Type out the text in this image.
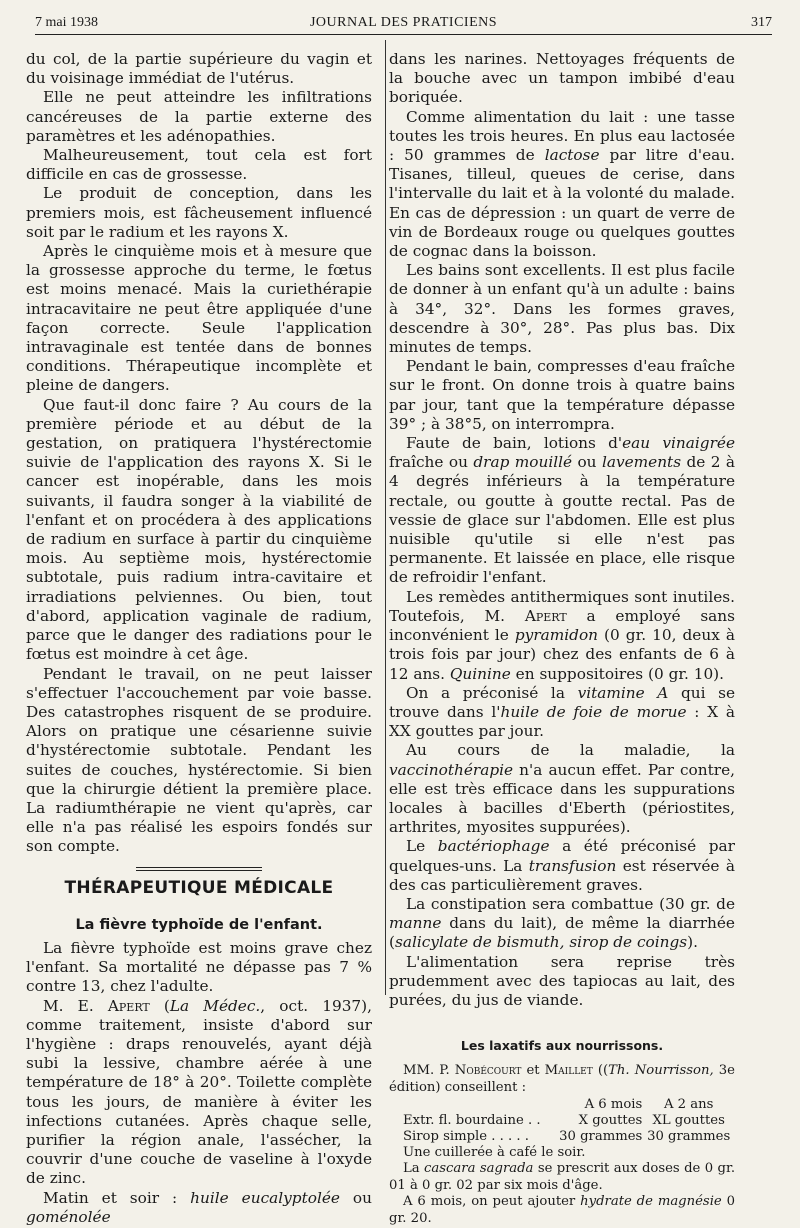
7 mai 1938	JOURNAL DES PRATICIENS	317

du col, de la partie supérieure du vagin et du voisinage immédiat de l'utérus.

Elle ne peut atteindre les infiltrations cancéreuses de la partie externe des paramètres et les adénopathies.

Malheureusement, tout cela est fort difficile en cas de grossesse.

Le produit de conception, dans les premiers mois, est fâcheusement influencé soit par le radium et les rayons X.

Après le cinquième mois et à mesure que la grossesse approche du terme, le fœtus est moins menacé. Mais la curiethérapie intracavitaire ne peut être appliquée d'une façon correcte. Seule l'application intravaginale est tentée dans de bonnes conditions. Thérapeutique incomplète et pleine de dangers.

Que faut-il donc faire ? Au cours de la première période et au début de la gestation, on pratiquera l'hystérectomie suivie de l'application des rayons X. Si le cancer est inopérable, dans les mois suivants, il faudra songer à la viabilité de l'enfant et on procédera à des applications de radium en surface à partir du cinquième mois. Au septième mois, hystérectomie subtotale, puis radium intra-cavitaire et irradiations pelviennes. Ou bien, tout d'abord, application vaginale de radium, parce que le danger des radiations pour le fœtus est moindre à cet âge.

Pendant le travail, on ne peut laisser s'effectuer l'accouchement par voie basse. Des catastrophes risquent de se produire. Alors on pratique une césarienne suivie d'hystérectomie subtotale. Pendant les suites de couches, hystérectomie. Si bien que la chirurgie détient la première place. La radiumthérapie ne vient qu'après, car elle n'a pas réalisé les espoirs fondés sur son compte.

THÉRAPEUTIQUE MÉDICALE
La fièvre typhoïde de l'enfant.

La fièvre typhoïde est moins grave chez l'enfant. Sa mortalité ne dépasse pas 7 % contre 13, chez l'adulte.

M. E. Apert (La Médec., oct. 1937), comme traitement, insiste d'abord sur l'hygiène : draps renouvelés, ayant déjà subi la lessive, chambre aérée à une température de 18° à 20°. Toilette complète tous les jours, de manière à éviter les infections cutanées. Après chaque selle, purifier la région anale, l'assécher, la couvrir d'une couche de vaseline à l'oxyde de zinc.

Matin et soir : huile eucalyptolée ou goménolée

dans les narines. Nettoyages fréquents de la bouche avec un tampon imbibé d'eau boriquée.

Comme alimentation du lait : une tasse toutes les trois heures. En plus eau lactosée : 50 grammes de lactose par litre d'eau. Tisanes, tilleul, queues de cerise, dans l'intervalle du lait et à la volonté du malade. En cas de dépression : un quart de verre de vin de Bordeaux rouge ou quelques gouttes de cognac dans la boisson.

Les bains sont excellents. Il est plus facile de donner à un enfant qu'à un adulte : bains à 34°, 32°. Dans les formes graves, descendre à 30°, 28°. Pas plus bas. Dix minutes de temps.

Pendant le bain, compresses d'eau fraîche sur le front. On donne trois à quatre bains par jour, tant que la température dépasse 39° ; à 38°5, on interrompra.

Faute de bain, lotions d'eau vinaigrée fraîche ou drap mouillé ou lavements de 2 à 4 degrés inférieurs à la température rectale, ou goutte à goutte rectal. Pas de vessie de glace sur l'abdomen. Elle est plus nuisible qu'utile si elle n'est pas permanente. Et laissée en place, elle risque de refroidir l'enfant.

Les remèdes antithermiques sont inutiles. Toutefois, M. Apert a employé sans inconvénient le pyramidon (0 gr. 10, deux à trois fois par jour) chez des enfants de 6 à 12 ans. Quinine en suppositoires (0 gr. 10).

On a préconisé la vitamine A qui se trouve dans l'huile de foie de morue : X à XX gouttes par jour.

Au cours de la maladie, la vaccinothérapie n'a aucun effet. Par contre, elle est très efficace dans les suppurations locales à bacilles d'Eberth (périostites, arthrites, myosites suppurées).

Le bactériophage a été préconisé par quelques-uns. La transfusion est réservée à des cas particulièrement graves.

La constipation sera combattue (30 gr. de manne dans du lait), de même la diarrhée (salicylate de bismuth, sirop de coings).

L'alimentation sera reprise très prudemment avec des tapiocas au lait, des purées, du jus de viande.

Les laxatifs aux nourrissons.

MM. P. Nobécourt et Maillet ((Th. Nourrisson, 3e édition) conseillent :

	A 6 mois	A 2 ans
Extr. fl. bourdaine . .	X gouttes	XL gouttes
Sirop simple . . . . .	30 grammes	30 grammes

Une cuillerée à café le soir.

La cascara sagrada se prescrit aux doses de 0 gr. 01 à 0 gr. 02 par six mois d'âge.

A 6 mois, on peut ajouter hydrate de magnésie 0 gr. 20.
